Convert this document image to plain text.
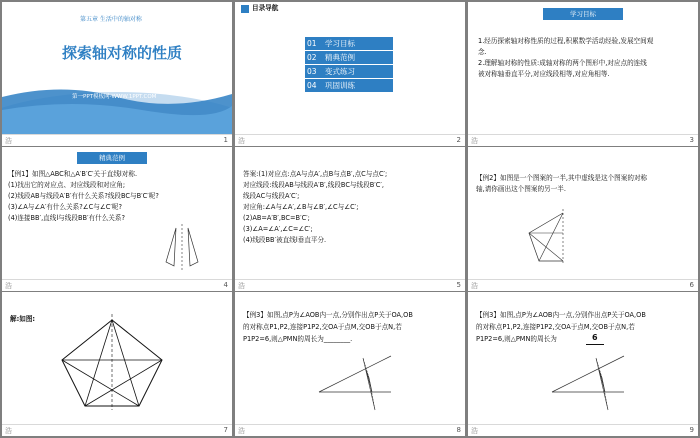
第五章 生活中的轴对称
探索轴对称的性质
第一PPT模板网-WWW.1PPT.COM
浩	1
目录导航
01 学习目标
02 精典范例
03 变式练习
04 巩固训练
浩	2
学习目标
1.经历探索轴对称性质的过程,积累数学活动经验,发展空间观
念.
2.理解轴对称的性质:成轴对称的两个图形中,对应点的连线
被对称轴垂直平分,对应线段相等,对应角相等.
浩	3
精典范例
【例1】如图△ABC和△A′B′C′关于直线l对称.
(1)找出它的对应点、对应线段和对应角;
(2)线段AB与线段A′B′有什么关系?线段BC与B′C′呢?
(3)∠A与∠A′有什么关系?∠C与∠C′呢?
(4)连接BB′,直线l与线段BB′有什么关系?
浩	4
答案:(1)对应点:点A与点A′,点B与点B′,点C与点C′;
对应线段:线段AB与线段A′B′,线段BC与线段B′C′,
线段AC与线段A′C′;
对应角:∠A与∠A′,∠B与∠B′,∠C与∠C′;
(2)AB=A′B′,BC=B′C′;
(3)∠A=∠A′,∠C=∠C′;
(4)线段BB′被直线l垂直平分.
浩	5
【例2】如图是一个图案的一半,其中虚线是这个图案的对称
轴,请你画出这个图案的另一半.
浩	6
解:如图:
浩	7
【例3】如图,点P为∠AOB内一点,分别作出点P关于OA,OB
的对称点P1,P2,连接P1P2,交OA于点M,交OB于点N,若
P1P2=6,则△PMN的周长为________.
浩	8
【例3】如图,点P为∠AOB内一点,分别作出点P关于OA,OB
的对称点P1,P2,连接P1P2,交OA于点M,交OB于点N,若
P1P2=6,则△PMN的周长为	6
浩	9
